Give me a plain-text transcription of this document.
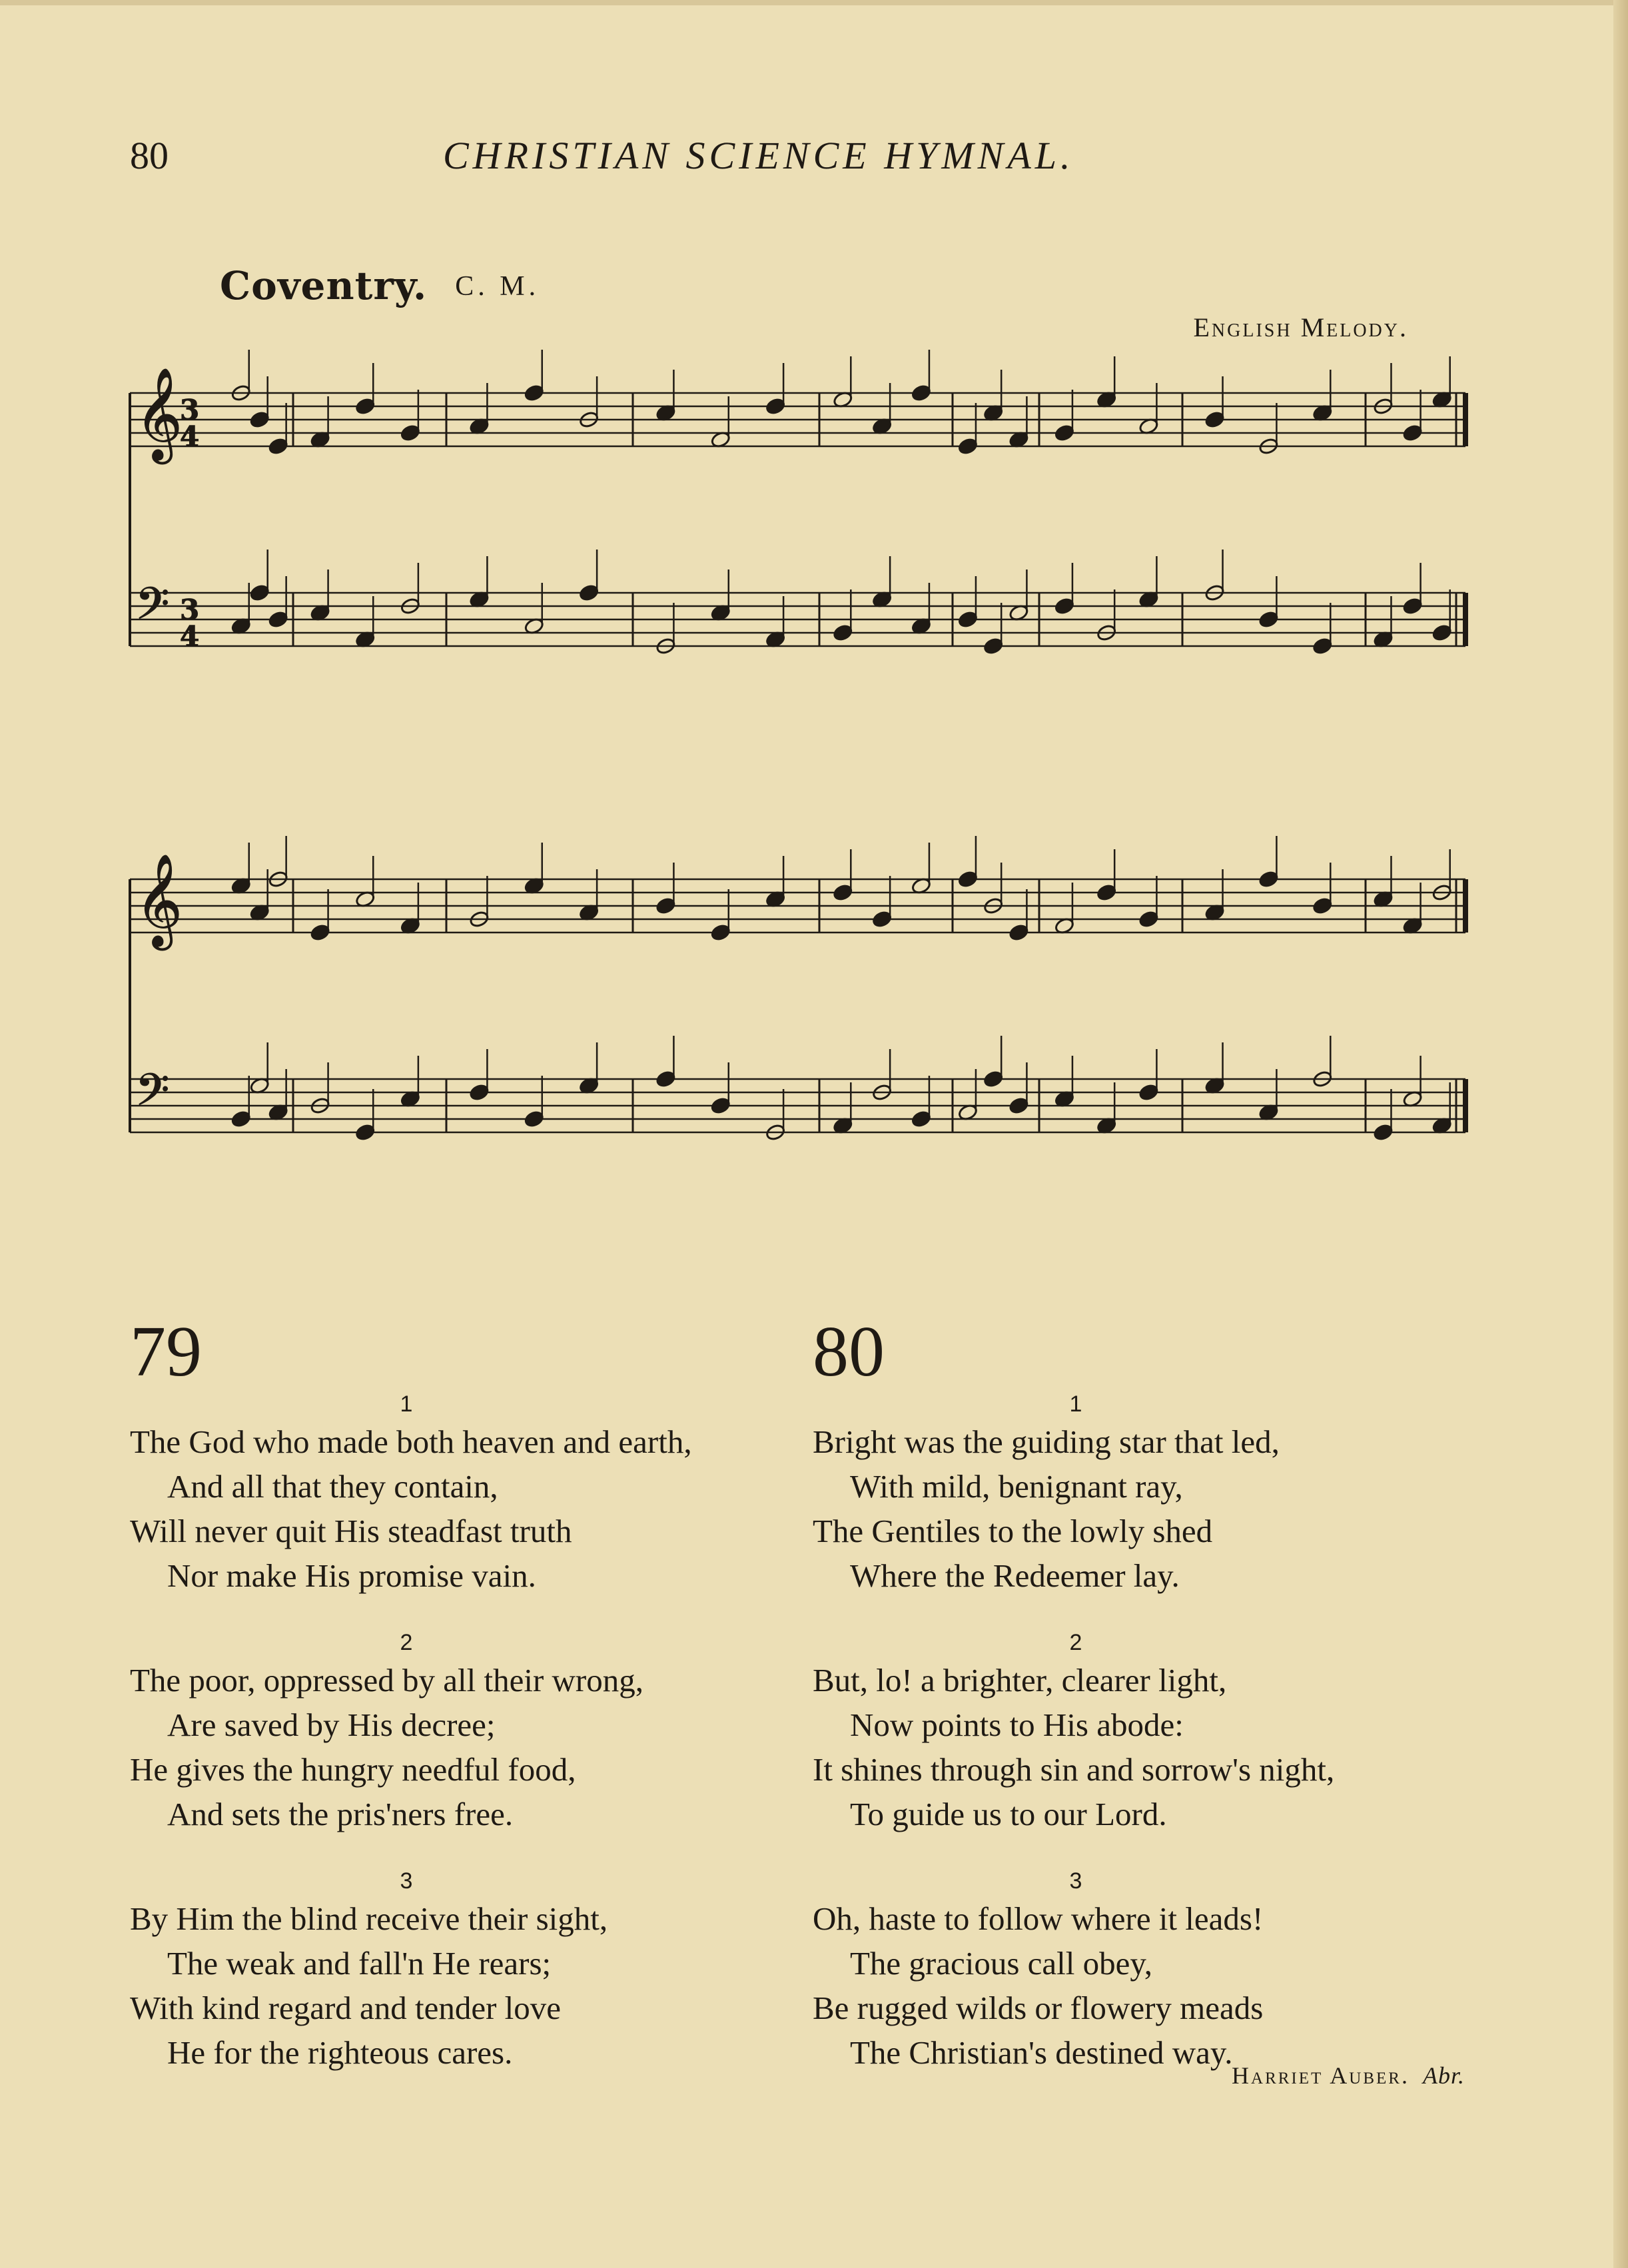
80	CHRISTIAN SCIENCE HYMNAL.
Coventry. C. M.
English Melody.
𝄞
3
4
𝄢 3
4
𝄞
𝄢
79
1
The God who made both heaven and earth,
And all that they contain,
Will never quit His steadfast truth
Nor make His promise vain.
2
The poor, oppressed by all their wrong,
Are saved by His decree;
He gives the hungry needful food,
And sets the pris'ners free.
3
By Him the blind receive their sight,
The weak and fall'n He rears;
With kind regard and tender love
He for the righteous cares.
80
1
Bright was the guiding star that led,
With mild, benignant ray,
The Gentiles to the lowly shed
Where the Redeemer lay.
2
But, lo! a brighter, clearer light,
Now points to His abode:
It shines through sin and sorrow's night,
To guide us to our Lord.
3
Oh, haste to follow where it leads!
The gracious call obey,
Be rugged wilds or flowery meads
The Christian's destined way.
Harriet Auber. Abr.
